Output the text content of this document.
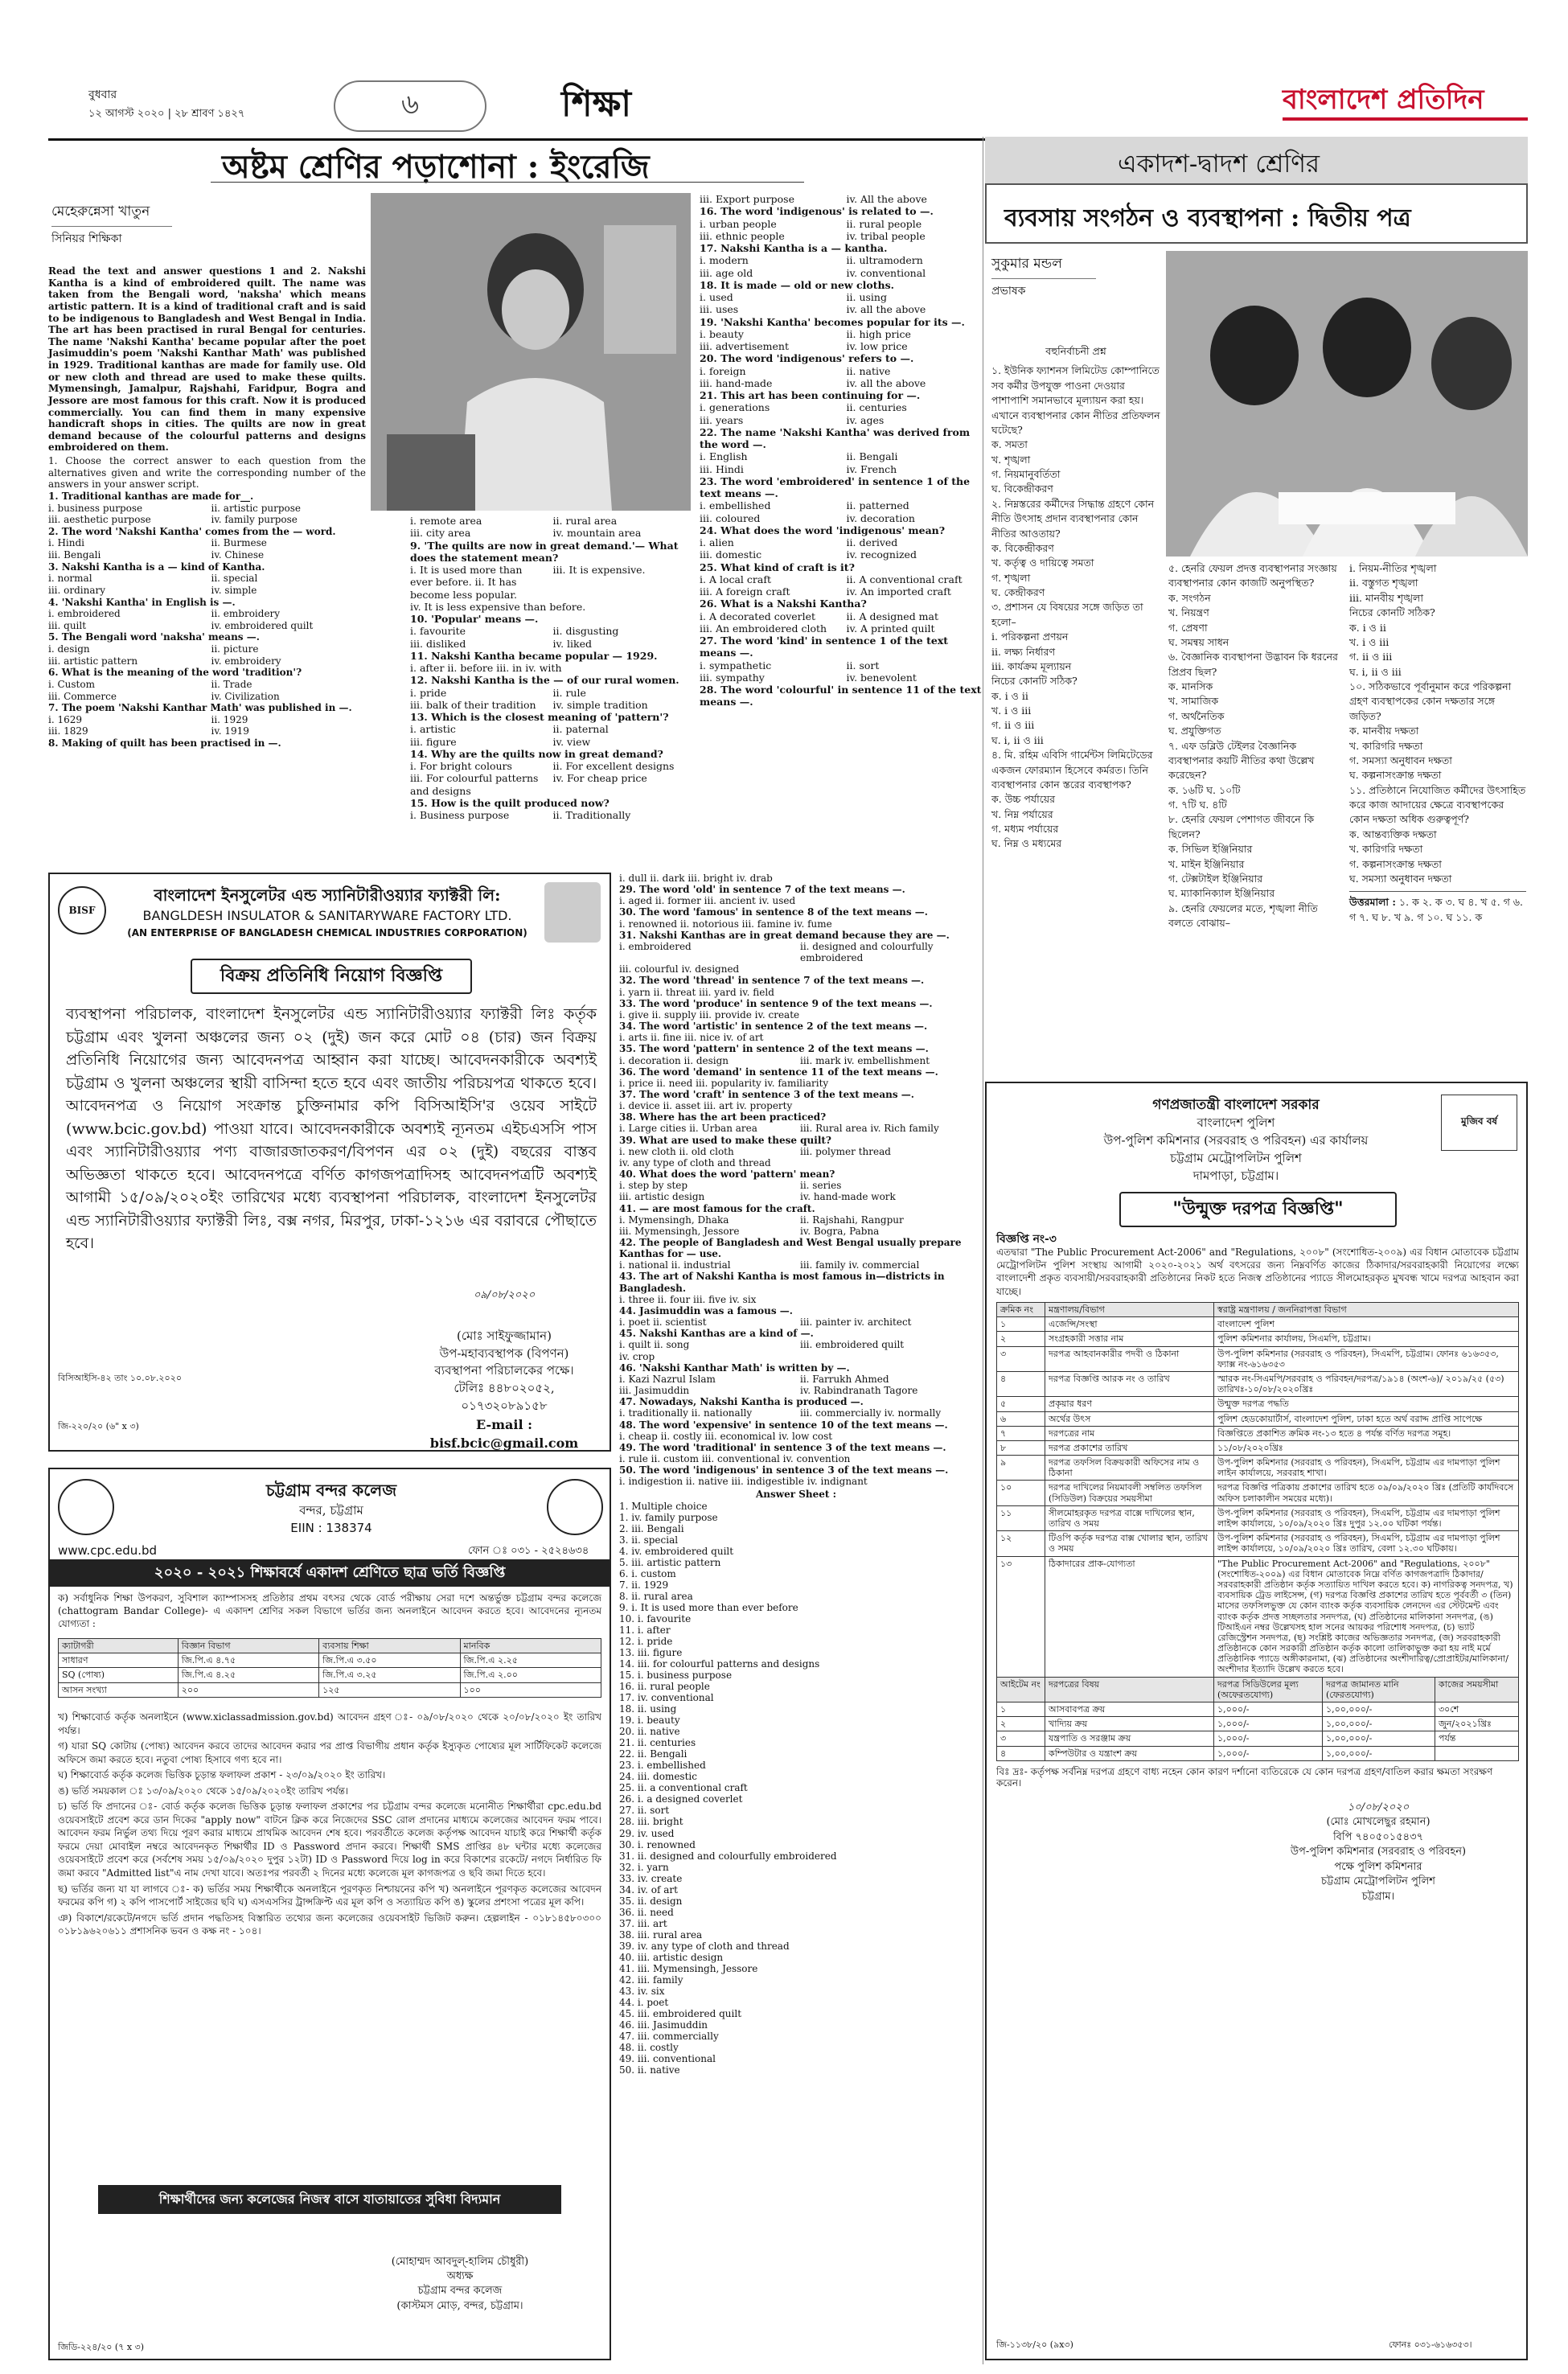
বুধবার
১২ আগস্ট ২০২০ | ২৮ শ্রাবণ ১৪২৭	৬	শিক্ষা	বাংলাদেশ প্রতিদিন
অষ্টম শ্রেণির পড়াশোনা : ইংরেজি
মেহেরুন্নেসা খাতুন
সিনিয়র শিক্ষিকা

Read the text and answer questions 1 and 2. Nakshi Kantha is a kind of embroidered quilt. The name was taken from the Bengali word, 'naksha' which means artistic pattern. It is a kind of traditional craft and is said to be indigenous to Bangladesh and West Bengal in India. The art has been practised in rural Bengal for centuries. The name 'Nakshi Kantha' became popular after the poet Jasimuddin's poem 'Nakshi Kanthar Math' was published in 1929. Traditional kanthas are made for family use. Old or new cloth and thread are used to make these quilts. Mymensingh, Jamalpur, Rajshahi, Faridpur, Bogra and Jessore are most famous for this craft. Now it is produced commercially. You can find them in many expensive handicraft shops in cities. The quilts are now in great demand because of the colourful patterns and designs embroidered on them.

1. Choose the correct answer to each question from the alternatives given and write the corresponding number of the answers in your answer script.

1. Traditional kanthas are made for__.
i. business purpose	ii. artistic purpose
iii. aesthetic purpose	iv. family purpose
2. The word 'Nakshi Kantha' comes from the — word.
i. Hindi	ii. Burmese
iii. Bengali	iv. Chinese
3. Nakshi Kantha is a — kind of Kantha.
i. normal	ii. special
iii. ordinary	iv. simple
4. 'Nakshi Kantha' in English is —.
i. embroidered	ii. embroidery
iii. quilt	iv. embroidered quilt
5. The Bengali word 'naksha' means —.
i. design	ii. picture
iii. artistic pattern	iv. embroidery
6. What is the meaning of the word 'tradition'?
i. Custom	ii. Trade
iii. Commerce	iv. Civilization
7. The poem 'Nakshi Kanthar Math' was published in —.
i. 1629	ii. 1929
iii. 1829	iv. 1919
8. Making of quilt has been practised in —.
i. remote area	ii. rural area
iii. city area	iv. mountain area
9. 'The quilts are now in great demand.'— What does the statement mean?
i. It is used more than ever before. ii. It has become less popular.
iii. It is expensive.
iv. It is less expensive than before.
10. 'Popular' means —.
i. favourite	ii. disgusting
iii. disliked	iv. liked
11. Nakshi Kantha became popular — 1929.
i. after ii. before iii. in iv. with
12. Nakshi Kantha is the — of our rural women.
i. pride	ii. rule
iii. balk of their tradition	iv. simple tradition
13. Which is the closest meaning of 'pattern'?
i. artistic	ii. paternal
iii. figure	iv. view
14. Why are the quilts now in great demand?
i. For bright colours	ii. For excellent designs
iii. For colourful patterns and designs
iv. For cheap price
15. How is the quilt produced now?
i. Business purpose	ii. Traditionally
iii. Export purpose	iv. All the above
16. The word 'indigenous' is related to —.
i. urban people	ii. rural people
iii. ethnic people	iv. tribal people
17. Nakshi Kantha is a — kantha.
i. modern	ii. ultramodern
iii. age old	iv. conventional
18. It is made — old or new cloths.
i. used	ii. using
iii. uses	iv. all the above
19. 'Nakshi Kantha' becomes popular for its —.
i. beauty	ii. high price
iii. advertisement	iv. low price
20. The word 'indigenous' refers to —.
i. foreign	ii. native
iii. hand-made	iv. all the above
21. This art has been continuing for —.
i. generations	ii. centuries
iii. years	iv. ages
22. The name 'Nakshi Kantha' was derived from the word —.
i. English	ii. Bengali
iii. Hindi	iv. French
23. The word 'embroidered' in sentence 1 of the text means —.
i. embellished	ii. patterned
iii. coloured	iv. decoration
24. What does the word 'indigenous' mean?
i. alien	ii. derived
iii. domestic	iv. recognized
25. What kind of craft is it?
i. A local craft	ii. A conventional craft
iii. A foreign craft	iv. An imported craft
26. What is a Nakshi Kantha?
i. A decorated coverlet	ii. A designed mat
iii. An embroidered cloth	iv. A printed quilt
27. The word 'kind' in sentence 1 of the text means —.
i. sympathetic	ii. sort
iii. sympathy	iv. benevolent
28. The word 'colourful' in sentence 11 of the text means —.
i. dull ii. dark iii. bright iv. drab
29. The word 'old' in sentence 7 of the text means —.
i. aged ii. former iii. ancient iv. used
30. The word 'famous' in sentence 8 of the text means —.
i. renowned ii. notorious iii. famine iv. fume
31. Nakshi Kanthas are in great demand because they are —.
i. embroidered	ii. designed and colourfully embroidered
iii. colourful iv. designed
32. The word 'thread' in sentence 7 of the text means —.
i. yarn ii. threat iii. yard iv. field
33. The word 'produce' in sentence 9 of the text means —.
i. give ii. supply iii. provide iv. create
34. The word 'artistic' in sentence 2 of the text means —.
i. arts ii. fine iii. nice iv. of art
35. The word 'pattern' in sentence 2 of the text means —.
i. decoration ii. design	iii. mark iv. embellishment
36. The word 'demand' in sentence 11 of the text means —.
i. price ii. need iii. popularity iv. familiarity
37. The word 'craft' in sentence 3 of the text means —.
i. device ii. asset iii. art iv. property
38. Where has the art been practiced?
i. Large cities ii. Urban area	iii. Rural area iv. Rich family
39. What are used to make these quilt?
i. new cloth ii. old cloth	iii. polymer thread
iv. any type of cloth and thread
40. What does the word 'pattern' mean?
i. step by step	ii. series
iii. artistic design	iv. hand-made work
41. — are most famous for the craft.
i. Mymensingh, Dhaka	ii. Rajshahi, Rangpur
iii. Mymensingh, Jessore	iv. Bogra, Pabna
42. The people of Bangladesh and West Bengal usually prepare Kanthas for — use.
i. national ii. industrial	iii. family iv. commercial
43. The art of Nakshi Kantha is most famous in—districts in Bangladesh.
i. three ii. four iii. five iv. six
44. Jasimuddin was a famous —.
i. poet ii. scientist	iii. painter iv. architect
45. Nakshi Kanthas are a kind of —.
i. quilt ii. song	iii. embroidered quilt
iv. crop
46. 'Nakshi Kanthar Math' is written by —.
i. Kazi Nazrul Islam	ii. Farrukh Ahmed
iii. Jasimuddin	iv. Rabindranath Tagore
47. Nowadays, Nakshi Kantha is produced —.
i. traditionally ii. nationally	iii. commercially iv. normally
48. The word 'expensive' in sentence 10 of the text means —.
i. cheap ii. costly iii. economical iv. low cost
49. The word 'traditional' in sentence 3 of the text means —.
i. rule ii. custom iii. conventional iv. convention
50. The word 'indigenous' in sentence 3 of the text means —.
i. indigestion ii. native iii. indigestible iv. indignant
Answer Sheet :
1. Multiple choice
1. iv. family purpose
2. iii. Bengali
3. ii. special
4. iv. embroidered quilt
5. iii. artistic pattern
6. i. custom
7. ii. 1929
8. ii. rural area
9. i. It is used more than ever before
10. i. favourite
11. i. after
12. i. pride
13. iii. figure
14. iii. for colourful patterns and designs
15. i. business purpose
16. ii. rural people
17. iv. conventional
18. ii. using
19. i. beauty
20. ii. native
21. ii. centuries
22. ii. Bengali
23. i. embellished
24. iii. domestic
25. ii. a conventional craft
26. i. a designed coverlet
27. ii. sort
28. iii. bright
29. iv. used
30. i. renowned
31. ii. designed and colourfully embroidered
32. i. yarn
33. iv. create
34. iv. of art
35. ii. design
36. ii. need
37. iii. art
38. iii. rural area
39. iv. any type of cloth and thread
40. iii. artistic design
41. iii. Mymensingh, Jessore
42. iii. family
43. iv. six
44. i. poet
45. iii. embroidered quilt
46. iii. Jasimuddin
47. iii. commercially
48. ii. costly
49. iii. conventional
50. ii. native
একাদশ-দ্বাদশ শ্রেণির
ব্যবসায় সংগঠন ও ব্যবস্থাপনা : দ্বিতীয় পত্র
সুকুমার মন্ডল
প্রভাষক
বহুনির্বাচনী প্রশ্ন
১. ইউনিক ফ্যাশনস লিমিটেড কোম্পানিতে সব কর্মীর উপযুক্ত পাওনা দেওয়ার পাশাপাশি সমানভাবে মূল্যায়ন করা হয়। এখানে ব্যবস্থাপনার কোন নীতির প্রতিফলন ঘটেছে?
ক. সমতা
খ. শৃঙ্খলা
গ. নিয়মানুবর্তিতা
ঘ. বিকেন্দ্রীকরণ
২. নিম্নস্তরের কর্মীদের সিদ্ধান্ত গ্রহণে কোন নীতি উৎসাহ প্রদান ব্যবস্থাপনার কোন নীতির আওতায়?
ক. বিকেন্দ্রীকরণ
খ. কর্তৃত্ব ও দায়িত্বে সমতা
গ. শৃঙ্খলা
ঘ. কেন্দ্রীকরণ
৩. প্রশাসন যে বিষয়ের সঙ্গে জড়িত তা হলো–
i. পরিকল্পনা প্রণয়ন
ii. লক্ষ্য নির্ধারণ
iii. কার্যক্রম মূল্যায়ন
নিচের কোনটি সঠিক?
ক. i ও ii
খ. i ও iii
গ. ii ও iii
ঘ. i, ii ও iii
৪. মি. রহিম এবিসি গার্মেন্টস লিমিটেডের একজন ফোরম্যান হিসেবে কর্মরত। তিনি ব্যবস্থাপনার কোন স্তরের ব্যবস্থাপক?
ক. উচ্চ পর্যায়ের
খ. নিম্ন পর্যায়ের
গ. মধ্যম পর্যায়ের
ঘ. নিম্ন ও মধ্যমের
৫. হেনরি ফেয়ল প্রদত্ত ব্যবস্থাপনার সংজ্ঞায় ব্যবস্থাপনার কোন কাজটি অনুপস্থিত?
ক. সংগঠন
খ. নিয়ন্ত্রণ
গ. প্রেষণা
ঘ. সমন্বয় সাধন
৬. বৈজ্ঞানিক ব্যবস্থাপনা উদ্ভাবন কি ধরনের প্রিপ্রব ছিল?
ক. মানসিক
খ. সামাজিক
গ. অর্থনৈতিক
ঘ. প্রযুক্তিগত
৭. এফ ডব্লিউ টেইলর বৈজ্ঞানিক ব্যবস্থাপনার কয়টি নীতির কথা উল্লেখ করেছেন?
ক. ১৬টি ঘ. ১০টি
গ. ৭টি ঘ. ৪টি
৮. হেনরি ফেয়ল পেশাগত জীবনে কি ছিলেন?
ক. সিভিল ইঞ্জিনিয়ার
খ. মাইন ইঞ্জিনিয়ার
গ. টেক্সটাইল ইঞ্জিনিয়ার
ঘ. ম্যাকানিক্যাল ইঞ্জিনিয়ার
৯. হেনরি ফেয়লের মতে, শৃঙ্খলা নীতি বলতে বোঝায়–
i. নিয়ম-নীতির শৃঙ্খলা
ii. বস্তুগত শৃঙ্খলা
iii. মানবীয় শৃঙ্খলা
নিচের কোনটি সঠিক?
ক. i ও ii
খ. i ও iii
গ. ii ও iii
ঘ. i, ii ও iii
১০. সঠিকভাবে পূর্বানুমান করে পরিকল্পনা গ্রহণ ব্যবস্থাপকের কোন দক্ষতার সঙ্গে জড়িত?
ক. মানবীয় দক্ষতা
খ. কারিগরি দক্ষতা
গ. সমস্যা অনুধাবন দক্ষতা
ঘ. কল্পনাসংক্রান্ত দক্ষতা
১১. প্রতিষ্ঠানে নিযোজিত কর্মীদের উৎসাহিত করে কাজ আদায়ের ক্ষেত্রে ব্যবস্থাপকের কোন দক্ষতা অধিক গুরুত্বপূর্ণ?
ক. আন্তব্যক্তিক দক্ষতা
খ. কারিগরি দক্ষতা
গ. কল্পনাসংক্রান্ত দক্ষতা
ঘ. সমস্যা অনুধাবন দক্ষতা
উত্তরমালা : ১. ক ২. ক ৩. ঘ ৪. খ ৫. গ ৬. গ ৭. ঘ ৮. খ ৯. গ ১০. ঘ ১১. ক
BISF
বাংলাদেশ ইনসুলেটর এন্ড স্যানিটারীওয়্যার ফ্যাক্টরী লি:
BANGLDESH INSULATOR & SANITARYWARE FACTORY LTD.
(AN ENTERPRISE OF BANGLADESH CHEMICAL INDUSTRIES CORPORATION)
বিক্রয় প্রতিনিধি নিয়োগ বিজ্ঞপ্তি
ব্যবস্থাপনা পরিচালক, বাংলাদেশ ইনসুলেটর এন্ড স্যানিটারীওয়্যার ফ্যাক্টরী লিঃ কর্তৃক চট্টগ্রাম এবং খুলনা অঞ্চলের জন্য ০২ (দুই) জন করে মোট ০৪ (চার) জন বিক্রয় প্রতিনিধি নিয়োগের জন্য আবেদনপত্র আহ্বান করা যাচ্ছে। আবেদনকারীকে অবশ্যই চট্টগ্রাম ও খুলনা অঞ্চলের স্থায়ী বাসিন্দা হতে হবে এবং জাতীয় পরিচয়পত্র থাকতে হবে। আবেদনপত্র ও নিয়োগ সংক্রান্ত চুক্তিনামার কপি বিসিআইসি'র ওয়েব সাইটে (www.bcic.gov.bd) পাওয়া যাবে। আবেদনকারীকে অবশ্যই ন্যূনতম এইচএসসি পাস এবং স্যানিটারীওয়্যার পণ্য বাজারজাতকরণ/বিপণন এর ০২ (দুই) বছরের বাস্তব অভিজ্ঞতা থাকতে হবে। আবেদনপত্রে বর্ণিত কাগজপত্রাদিসহ আবেদনপত্রটি অবশ্যই আগামী ১৫/০৯/২০২০ইং তারিখের মধ্যে ব্যবস্থাপনা পরিচালক, বাংলাদেশ ইনসুলেটর এন্ড স্যানিটারীওয়্যার ফ্যাক্টরী লিঃ, বক্স নগর, মিরপুর, ঢাকা-১২১৬ এর বরাবরে পৌছাতে হবে।
০৯/০৮/২০২০
(মোঃ সাইফুজ্জামান)
উপ-মহাব্যবস্থাপক (বিপণন)
ব্যবস্থাপনা পরিচালকের পক্ষে।
টেলিঃ ৪৪৮০২০৫২, ০১৭৩২০৮৯১৫৮
E-mail : bisf.bcic@gmail.com
বিসিআইসি-৪২ তাং ১০.০৮.২০২০
জি-২২০/২০ (৬" x ৩)
চট্টগ্রাম বন্দর কলেজ
বন্দর, চট্টগ্রাম
EIIN : 138374
www.cpc.edu.bd	ফোন ঃ ০৩১ - ২৫২৪৬৩৪
২০২০ - ২০২১ শিক্ষাবর্ষে একাদশ শ্রেণিতে ছাত্র ভর্তি বিজ্ঞপ্তি
ক) সর্বাধুনিক শিক্ষা উপকরণ, সুবিশাল ক্যাম্পাসসহ প্রতিষ্ঠার প্রথম বৎসর থেকে বোর্ড পরীক্ষায় সেরা দশে অন্তর্ভুক্ত চট্টগ্রাম বন্দর কলেজে (chattogram Bandar College)- এ একাদশ শ্রেণির সকল বিভাগে ভর্তির জন্য অনলাইনে আবেদন করতে হবে। আবেদনের ন্যূনতম যোগ্যতা :
ক্যাটাগরী	বিজ্ঞান বিভাগ	ব্যবসায় শিক্ষা	মানবিক
সাধারণ	জি.পি.এ ৪.৭৫	জি.পি.এ ৩.৫০	জি.পি.এ ২.২৫
SQ (পোষ্য)	জি.পি.এ ৪.২৫	জি.পি.এ ৩.২৫	জি.পি.এ ২.০০
আসন সংখ্যা	২০০	১২৫	১০০
খ) শিক্ষাবোর্ড কর্তৃক অনলাইনে (www.xiclassadmission.gov.bd) আবেদন গ্রহণ ঃ- ০৯/০৮/২০২০ থেকে ২০/০৮/২০২০ ইং তারিখ পর্যন্ত।
গ) যারা SQ কোটায় (পোষ্য) আবেদন করবে তাদের আবেদন করার পর প্রাপ্ত বিভাগীয় প্রধান কর্তৃক ইস্যুকৃত পোষ্যের মূল সার্টিফিকেট কলেজে অফিসে জমা করতে হবে। নতুবা পোষ্য হিসাবে গণ্য হবে না।
ঘ) শিক্ষাবোর্ড কর্তৃক কলেজ ভিত্তিক চূড়ান্ত ফলাফল প্রকাশ - ২৩/০৯/২০২০ ইং তারিখ।
ঙ) ভর্তি সময়কাল ঃ ১৩/০৯/২০২০ থেকে ১৫/০৯/২০২০ইং তারিখ পর্যন্ত।
চ) ভর্তি ফি প্রদানের ঃ- বোর্ড কর্তৃক কলেজ ভিত্তিক চূড়ান্ত ফলাফল প্রকাশের পর চট্টগ্রাম বন্দর কলেজে মনোনীত শিক্ষার্থীরা cpc.edu.bd ওয়েবসাইটে প্রবেশ করে ডান দিকের "apply now" বাটনে ক্লিক করে নিজেদের SSC রোল প্রদানের মাধ্যমে কলেজের আবেদন ফরম পাবে। আবেদন ফরম নির্ভুল তথ্য দিয়ে পূরণ করার মাধ্যমে প্রাথমিক আবেদন শেষ হবে। পরবর্তীতে কলেজ কর্তৃপক্ষ আবেদন যাচাই করে শিক্ষার্থী কর্তৃক ফরমে দেয়া মোবাইল নম্বরে আবেদনকৃত শিক্ষার্থীর ID ও Password প্রদান করবে। শিক্ষার্থী SMS প্রাপ্তির ৪৮ ঘন্টার মধ্যে কলেজের ওয়েবসাইটে প্রবেশ করে (সর্বশেষ সময় ১৫/০৯/২০২০ দুপুর ১২টা) ID ও Password দিয়ে log in করে বিকাশের রকেটে/ নগদে নির্ধারিত ফি জমা করবে "Admitted list"এ নাম দেখা যাবে। অতঃপর পরবর্তী ২ দিনের মধ্যে কলেজে মূল কাগজপত্র ও ছবি জমা দিতে হবে।
ছ) ভর্তির জন্য যা যা লাগবে ঃ- ক) ভর্তির সময় শিক্ষার্থীকে অনলাইনে পূরণকৃত নিশ্চায়নের কপি খ) অনলাইনে পূরণকৃত কলেজের আবেদন ফরমের কপি গ) ২ কপি পাসপোর্ট সাইজের ছবি ঘ) এসএসসির ট্রান্সক্রিপ্ট এর মূল কপি ও সত্যায়িত কপি ঙ) স্কুলের প্রশংসা পত্রের মূল কপি।
ঞ) বিকাশে/রকেটে/নগদে ভর্তি প্রদান পদ্ধতিসহ বিস্তারিত তথ্যের জন্য কলেজের ওয়েবসাইট ভিজিট করুন। হেল্পলাইন - ০১৮১৪৫৮০৩০০ ০১৮১৯৬২০৬১১ প্রশাসনিক ভবন ও কক্ষ নং - ১০৪।
শিক্ষার্থীদের জন্য কলেজের নিজস্ব বাসে যাতায়াতের সুবিধা বিদ্যমান
(মোহাম্মদ আবদুল্-হালিম চৌধুরী)
অধ্যক্ষ
চট্টগ্রাম বন্দর কলেজ
(কাস্টমস মোড়, বন্দর, চট্টগ্রাম।
জিডি-২২৪/২০ (৭ x ৩)
মুজিব বর্ষ
গণপ্রজাতন্ত্রী বাংলাদেশ সরকার
বাংলাদেশ পুলিশ
উপ-পুলিশ কমিশনার (সরবরাহ ও পরিবহন) এর কার্যালয়
চট্টগ্রাম মেট্রোপলিটন পুলিশ
দামপাড়া, চট্টগ্রাম।
"উন্মুক্ত দরপত্র বিজ্ঞপ্তি"
বিজ্ঞপ্তি নং-৩
এতদ্বারা "The Public Procurement Act-2006" and "Regulations, ২০০৮" (সংশোধিত-২০০৯) এর বিধান মোতাবেক চট্টগ্রাম মেট্রোপলিটন পুলিশ সংস্থায় আগামী ২০২০-২০২১ অর্থ বৎসরের জন্য নিম্নবর্ণিত কাজের ঠিকাদার/সরবরাহকারী নিয়োগের লক্ষ্যে বাংলাদেশী প্রকৃত ব্যবসায়ী/সরবরাহকারী প্রতিষ্ঠানের নিকট হতে নিজস্ব প্রতিষ্ঠানের প্যাডে সীলমোহরকৃত মুখবন্ধ খামে দরপত্র আহবান করা যাচ্ছে।
ক্রমিক নং	মন্ত্রণালয়/বিভাগ	স্বরাষ্ট্র মন্ত্রণালয় / জননিরাপত্তা বিভাগ
১	এজেন্সি/সংস্থা	বাংলাদেশ পুলিশ
২	সংগ্রহকারী সত্তার নাম	পুলিশ কমিশনার কার্যালয়, সিএমপি, চট্টগ্রাম।
৩	দরপত্র আহবানকারীর পদবী ও ঠিকানা	উপ-পুলিশ কমিশনার (সরবরাহ ও পরিবহন), সিএমপি, চট্টগ্রাম। ফোনঃ ৬১৬৩৫৩, ফ্যাক্স নং-৬১৬৩৫৩
৪	দরপত্র বিজ্ঞপ্তি আরক নং ও তারিখ	স্মারক নং-সিএমপি/সরবরাহ ও পরিবহন/দরপত্র/১৯১৪ (অংশ-৬)/ ২০১৯/২৫ (৫৩) তারিখঃ-১০/০৮/২০২০খ্রিঃ
৫	প্রকৃয়ার ধরণ	উন্মুক্ত দরপত্র পদ্ধতি
৬	অর্থের উৎস	পুলিশ হেডকোয়ার্টার্স, বাংলাদেশ পুলিশ, ঢাকা হতে অর্থ বরাদ্দ প্রাপ্তি সাপেক্ষে
৭	দরপত্রের নাম	বিজ্ঞপ্তিতে প্রকাশিত ক্রমিক নং-১৩ হতে ৪ পর্যন্ত বর্ণিত দরপত্র সমূহ।
৮	দরপত্র প্রকাশের তারিখ	১১/০৮/২০২০খ্রিঃ
৯	দরপত্র তফসিল বিক্রয়কারী অফিসের নাম ও ঠিকানা	উপ-পুলিশ কমিশনার (সরবরাহ ও পরিবহন), সিএমপি, চট্টগ্রাম এর দামপাড়া পুলিশ লাইন কার্যালয়ে, সরবরাহ শাখা।
১০	দরপত্র দাখিলের নিয়মাবলী সম্বলিত তফসিল (সিডিউল) বিক্রয়ের সময়সীমা	দরপত্র বিজ্ঞপ্তি পত্রিকায় প্রকাশের তারিখ হতে ০৯/০৯/২০২০ খ্রিঃ (প্রতিটি কার্যদিবসে অফিস চলাকালীন সময়ের মধ্যে)।
১১	সীলমোহরকৃত দরপত্র বাক্সে দাখিলের স্থান, তারিখ ও সময়	উপ-পুলিশ কমিশনার (সরবরাহ ও পরিবহন), সিএমপি, চট্টগ্রাম এর দামপাড়া পুলিশ লাইন্স কার্যালয়ে, ১০/০৯/২০২০ খ্রিঃ দুপুর ১২.০০ ঘটিকা পর্যন্ত।
১২	টিওপি কর্তৃক দরপত্র বাক্স খোলার স্থান, তারিখ ও সময়	উপ-পুলিশ কমিশনার (সরবরাহ ও পরিবহন), সিএমপি, চট্টগ্রাম এর দামপাড়া পুলিশ লাইন্স কার্যালয়ে, ১০/০৯/২০২০ খ্রিঃ তারিখ, বেলা ১২.৩০ ঘটিকায়।
১৩	ঠিকাদারের প্রাক-যোগ্যতা	"The Public Procurement Act-2006" and "Regulations, ২০০৮" (সংশোধিত-২০০৯) এর বিধান মোতাবেক নিম্নে বর্ণিত কাগজপত্রাদি ঠিকাদার/সরবরাহকারী প্রতিষ্ঠান কর্তৃক সত্যায়িত দাখিল করতে হবে। ক) নাগরিকত্ব সনদপত্র, খ) ব্যবসায়িক ট্রেড লাইসেন্স, (গ) দরপত্র বিজ্ঞপ্তি প্রকাশের তারিখ হতে পূর্ববর্তী ৩ (তিন) মাসের তফসিলভুক্ত যে কোন ব্যাংক কর্তৃক ব্যবসায়িক লেনদেন এর স্টেটমেন্ট এবং ব্যাংক কর্তৃক প্রদত্ত সচ্ছলতার সনদপত্র, (ঘ) প্রতিষ্ঠানের মালিকানা সনদপত্র, (ঙ) টিআইএন নম্বর উল্লেখসহ হাল সনের আয়কর পরিশোধ সনদপত্র, (চ) ভ্যাট রেজিস্ট্রেশন সনদপত্র, (ছ) সংশ্লিষ্ট কাজের অভিজ্ঞতার সনদপত্র, (জ) সরবরাহকারী প্রতিষ্ঠানকে কোন সরকারী প্রতিষ্ঠান কর্তৃক কালো তালিকাভুক্ত করা হয় নাই মর্মে প্রতিষ্ঠানিক প্যাডে অঙ্গীকারনামা, (ঝ) প্রতিষ্ঠানের অংশীদারিত্ব/প্রোপ্রাইটর/মালিকানা/অংশীদার ইত্যাদি উল্লেখ করতে হবে।
আইটেম নং	দরপত্রের বিষয়	দরপত্র সিডিউলের মূল্য (অফেরতযোগ্য)	দরপত্র জামানত মানি (ফেরতযোগ্য)	কাজের সময়সীমা
১	আসবাবপত্র ক্রয়	১,০০০/-	১,০০,০০০/-	৩০শে
২	খাদ্যিয় ক্রয়	১,০০০/-	১,০০,০০০/-	জুন/২০২১খ্রিঃ
৩	যন্ত্রপাতি ও সরঞ্জাম ক্রয়	১,০০০/-	১,০০,০০০/-	পর্যন্ত
৪	কম্পিউটার ও যন্ত্রাংশ ক্রয়	১,০০০/-	১,০০,০০০/-	
বিঃ দ্রঃ- কর্তৃপক্ষ সর্বনিম্ন দরপত্র গ্রহণে বাধ্য নহেন কোন কারণ দর্শানো ব্যতিরেকে যে কোন দরপত্র গ্রহণ/বাতিল করার ক্ষমতা সংরক্ষণ করেন।
১০/০৮/২০২০
(মোঃ মোখলেছুর রহমান)
বিপি ৭৪০৫০১৫৪৩৭
উপ-পুলিশ কমিশনার (সরবরাহ ও পরিবহন)
পক্ষে পুলিশ কমিশনার
চট্টগ্রাম মেট্রোপলিটন পুলিশ
চট্টগ্রাম।
জি-১১৩৮/২০ (৯x৩)	ফোনঃ ০৩১-৬১৬৩৫৩।
